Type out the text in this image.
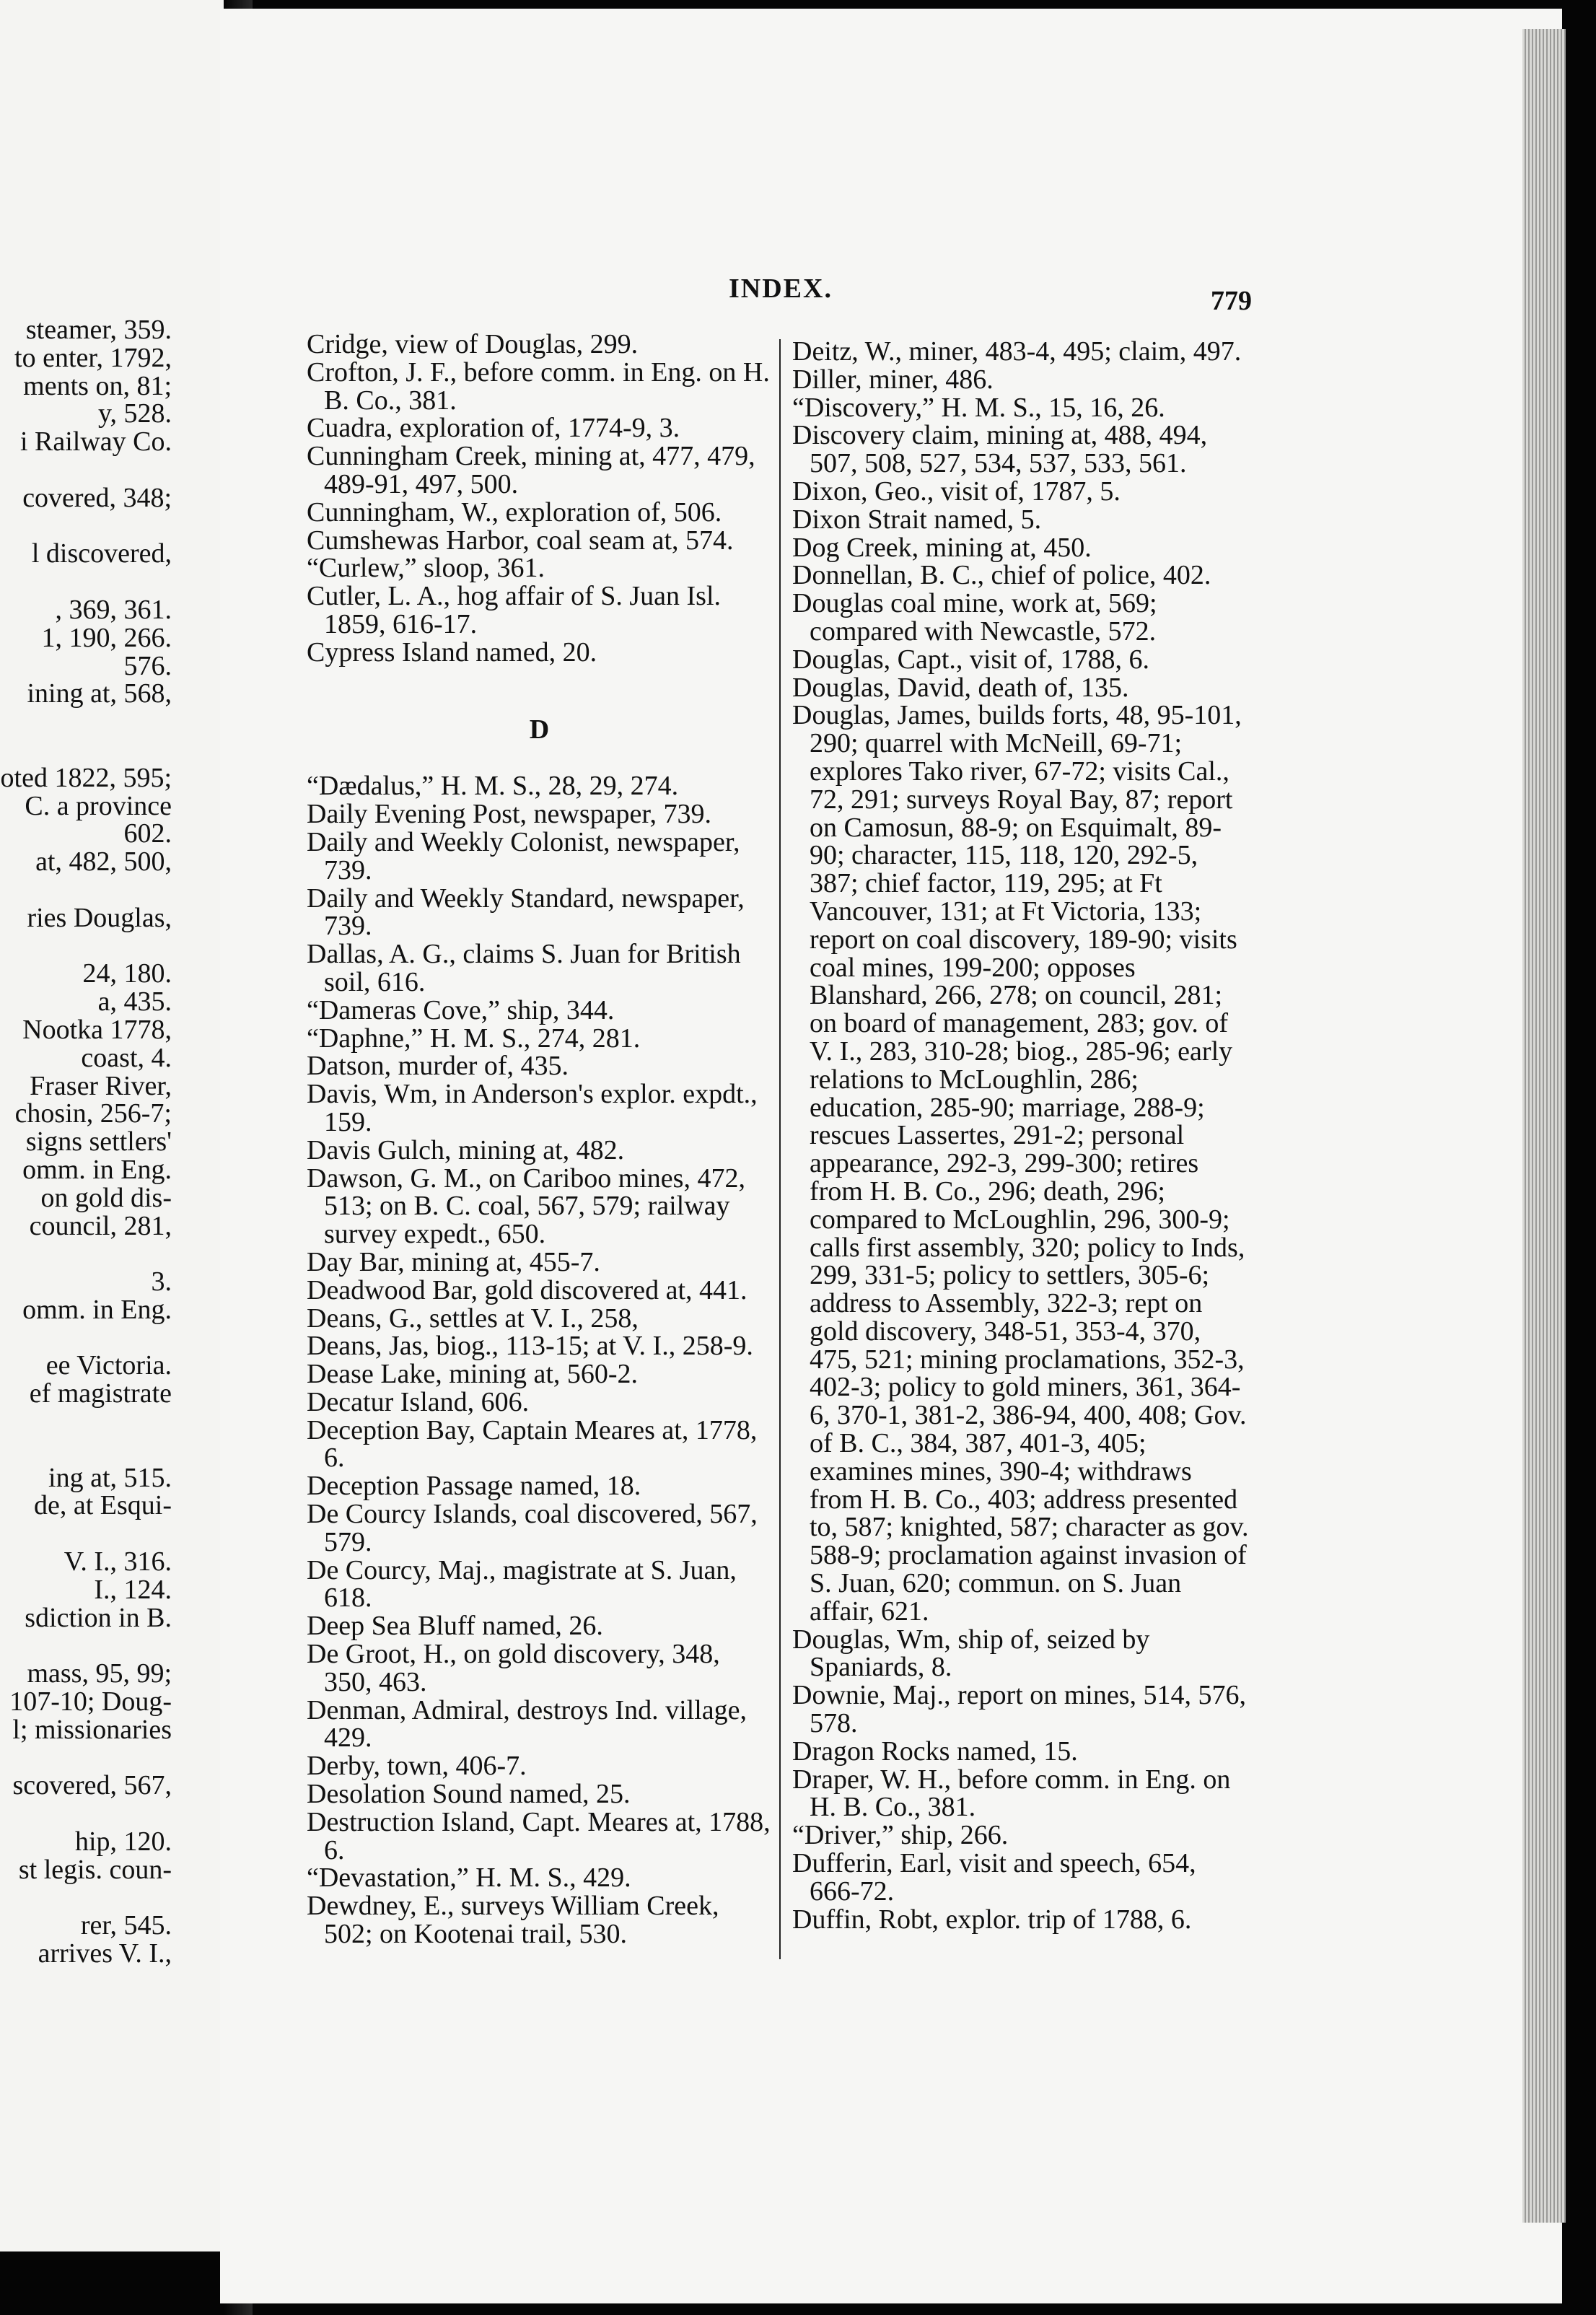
steamer, 359.
to enter, 1792,
ments on, 81;
y, 528.
i Railway Co.

covered, 348;

l discovered,

, 369, 361.
1, 190, 266.
576.
ining at, 568,

oted 1822, 595;
C. a province
602.
at, 482, 500,

ries Douglas,

24, 180.
a, 435.
Nootka 1778,
coast, 4.
Fraser River,
chosin, 256-7;
signs settlers'
omm. in Eng.
on gold dis-
council, 281,

3.
omm. in Eng.

ee Victoria.
ef magistrate

ing at, 515.
de, at Esqui-

V. I., 316.
I., 124.
sdiction in B.

mass, 95, 99;
107-10; Doug-
l; missionaries

scovered, 567,

hip, 120.
st legis. coun-

rer, 545.
arrives V. I.,
INDEX.	779
Cridge, view of Douglas, 299.
Crofton, J. F., before comm. in Eng. on H. B. Co., 381.
Cuadra, exploration of, 1774-9, 3.
Cunningham Creek, mining at, 477, 479, 489-91, 497, 500.
Cunningham, W., exploration of, 506.
Cumshewas Harbor, coal seam at, 574.
“Curlew,” sloop, 361.
Cutler, L. A., hog affair of S. Juan Isl. 1859, 616-17.
Cypress Island named, 20.
D
“Dædalus,” H. M. S., 28, 29, 274.
Daily Evening Post, newspaper, 739.
Daily and Weekly Colonist, newspaper, 739.
Daily and Weekly Standard, newspaper, 739.
Dallas, A. G., claims S. Juan for British soil, 616.
“Dameras Cove,” ship, 344.
“Daphne,” H. M. S., 274, 281.
Datson, murder of, 435.
Davis, Wm, in Anderson's explor. expdt., 159.
Davis Gulch, mining at, 482.
Dawson, G. M., on Cariboo mines, 472, 513; on B. C. coal, 567, 579; railway survey expedt., 650.
Day Bar, mining at, 455-7.
Deadwood Bar, gold discovered at, 441.
Deans, G., settles at V. I., 258,
Deans, Jas, biog., 113-15; at V. I., 258-9.
Dease Lake, mining at, 560-2.
Decatur Island, 606.
Deception Bay, Captain Meares at, 1778, 6.
Deception Passage named, 18.
De Courcy Islands, coal discovered, 567, 579.
De Courcy, Maj., magistrate at S. Juan, 618.
Deep Sea Bluff named, 26.
De Groot, H., on gold discovery, 348, 350, 463.
Denman, Admiral, destroys Ind. village, 429.
Derby, town, 406-7.
Desolation Sound named, 25.
Destruction Island, Capt. Meares at, 1788, 6.
“Devastation,” H. M. S., 429.
Dewdney, E., surveys William Creek, 502; on Kootenai trail, 530.
Deitz, W., miner, 483-4, 495; claim, 497.
Diller, miner, 486.
“Discovery,” H. M. S., 15, 16, 26.
Discovery claim, mining at, 488, 494, 507, 508, 527, 534, 537, 533, 561.
Dixon, Geo., visit of, 1787, 5.
Dixon Strait named, 5.
Dog Creek, mining at, 450.
Donnellan, B. C., chief of police, 402.
Douglas coal mine, work at, 569; compared with Newcastle, 572.
Douglas, Capt., visit of, 1788, 6.
Douglas, David, death of, 135.
Douglas, James, builds forts, 48, 95-101, 290; quarrel with McNeill, 69-71; explores Tako river, 67-72; visits Cal., 72, 291; surveys Royal Bay, 87; report on Camosun, 88-9; on Esquimalt, 89-90; character, 115, 118, 120, 292-5, 387; chief factor, 119, 295; at Ft Vancouver, 131; at Ft Victoria, 133; report on coal discovery, 189-90; visits coal mines, 199-200; opposes Blanshard, 266, 278; on council, 281; on board of management, 283; gov. of V. I., 283, 310-28; biog., 285-96; early relations to McLoughlin, 286; education, 285-90; marriage, 288-9; rescues Lassertes, 291-2; personal appearance, 292-3, 299-300; retires from H. B. Co., 296; death, 296; compared to McLoughlin, 296, 300-9; calls first assembly, 320; policy to Inds, 299, 331-5; policy to settlers, 305-6; address to Assembly, 322-3; rept on gold discovery, 348-51, 353-4, 370, 475, 521; mining proclamations, 352-3, 402-3; policy to gold miners, 361, 364-6, 370-1, 381-2, 386-94, 400, 408; Gov. of B. C., 384, 387, 401-3, 405; examines mines, 390-4; withdraws from H. B. Co., 403; address presented to, 587; knighted, 587; character as gov. 588-9; proclamation against invasion of S. Juan, 620; commun. on S. Juan affair, 621.
Douglas, Wm, ship of, seized by Spaniards, 8.
Downie, Maj., report on mines, 514, 576, 578.
Dragon Rocks named, 15.
Draper, W. H., before comm. in Eng. on H. B. Co., 381.
“Driver,” ship, 266.
Dufferin, Earl, visit and speech, 654, 666-72.
Duffin, Robt, explor. trip of 1788, 6.
